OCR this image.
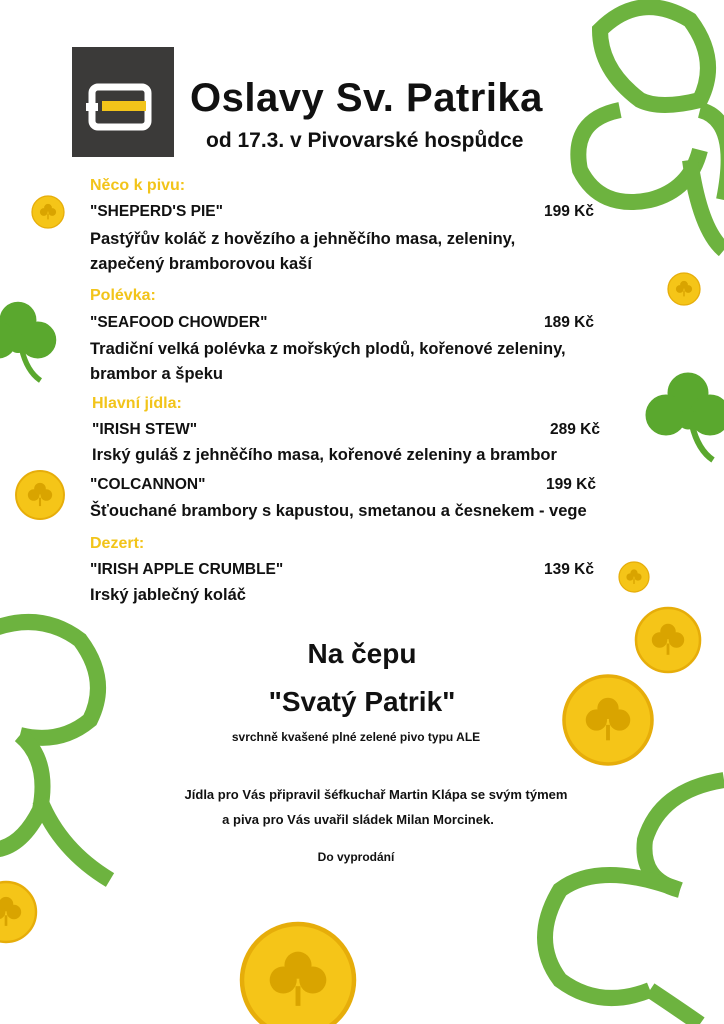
Oslavy Sv. Patrika
od 17.3. v Pivovarské hospůdce
Něco k pivu:
"SHEPERD'S PIE"	199 Kč
Pastýřův koláč z hovězího a jehněčího masa, zeleniny,
zapečený bramborovou kaší
Polévka:
"SEAFOOD CHOWDER"	189 Kč
Tradiční velká polévka z mořských plodů, kořenové zeleniny,
brambor a špeku
Hlavní jídla:
"IRISH STEW"	289 Kč
Irský guláš z jehněčího masa, kořenové zeleniny a brambor
"COLCANNON"	199 Kč
Šťouchané brambory s kapustou, smetanou a česnekem - vege
Dezert:
"IRISH APPLE CRUMBLE"	139 Kč
Irský jablečný koláč
Na čepu
"Svatý Patrik"
svrchně kvašené plné zelené pivo typu ALE
Jídla pro Vás připravil šéfkuchař Martin Klápa se svým týmem
a piva pro Vás uvařil sládek Milan Morcinek.
Do vyprodání
